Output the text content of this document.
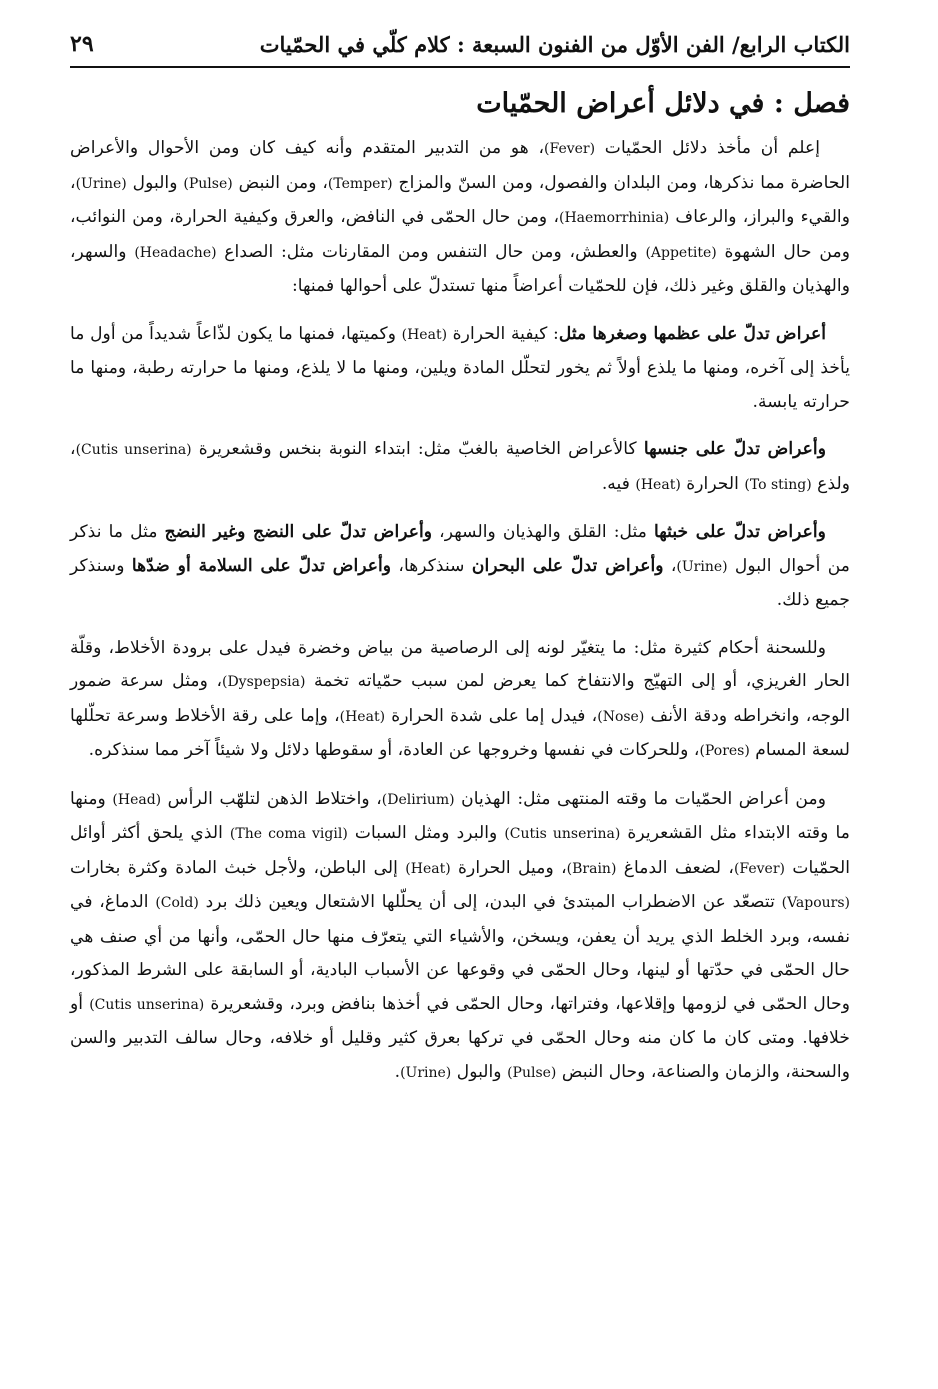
الكتاب الرابع/ الفن الأوّل من الفنون السبعة : كلام كلّي في الحمّيات
٢٩
فصل : في دلائل أعراض الحمّيات

إعلم أن مأخذ دلائل الحمّيات (Fever)، هو من التدبير المتقدم وأنه كيف كان ومن الأحوال والأعراض الحاضرة مما نذكرها، ومن البلدان والفصول، ومن السنّ والمزاج (Temper)، ومن النبض (Pulse) والبول (Urine)، والقيء والبراز، والرعاف (Haemorrhinia)، ومن حال الحمّى في النافض، والعرق وكيفية الحرارة، ومن النوائب، ومن حال الشهوة (Appetite) والعطش، ومن حال التنفس ومن المقارنات مثل: الصداع (Headache) والسهر، والهذيان والقلق وغير ذلك، فإن للحمّيات أعراضاً منها تستدلّ على أحوالها فمنها:

أعراض تدلّ على عظمها وصغرها مثل: كيفية الحرارة (Heat) وكميتها، فمنها ما يكون لذّاعاً شديداً من أول ما يأخذ إلى آخره، ومنها ما يلذع أولاً ثم يخور لتحلّل المادة ويلين، ومنها ما لا يلذع، ومنها ما حرارته رطبة، ومنها ما حرارته يابسة.

وأعراض تدلّ على جنسها كالأعراض الخاصية بالغبّ مثل: ابتداء النوبة بنخس وقشعريرة (Cutis unserina)، ولذع (To sting) الحرارة (Heat) فيه.

وأعراض تدلّ على خبثها مثل: القلق والهذيان والسهر، وأعراض تدلّ على النضج وغير النضج مثل ما نذكر من أحوال البول (Urine)، وأعراض تدلّ على البحران سنذكرها، وأعراض تدلّ على السلامة أو ضدّها وسنذكر جميع ذلك.

وللسحنة أحكام كثيرة مثل: ما يتغيّر لونه إلى الرصاصية من بياض وخضرة فيدل على برودة الأخلاط، وقلّة الحار الغريزي، أو إلى التهيّج والانتفاخ كما يعرض لمن سبب حمّياته تخمة (Dyspepsia)، ومثل سرعة ضمور الوجه، وانخراطه ودقة الأنف (Nose)، فيدل إما على شدة الحرارة (Heat)، وإما على رقة الأخلاط وسرعة تحلّلها لسعة المسام (Pores)، وللحركات في نفسها وخروجها عن العادة، أو سقوطها دلائل ولا شيئاً آخر مما سنذكره.

ومن أعراض الحمّيات ما وقته المنتهى مثل: الهذيان (Delirium)، واختلاط الذهن لتلهّب الرأس (Head) ومنها ما وقته الابتداء مثل القشعريرة (Cutis unserina) والبرد ومثل السبات (The coma vigil) الذي يلحق أكثر أوائل الحمّيات (Fever)، لضعف الدماغ (Brain)، وميل الحرارة (Heat) إلى الباطن، ولأجل خبث المادة وكثرة بخارات (Vapours) تتصعّد عن الاضطراب المبتدئ في البدن، إلى أن يحلّلها الاشتعال ويعين ذلك برد (Cold) الدماغ، في نفسه، وبرد الخلط الذي يريد أن يعفن، ويسخن، والأشياء التي يتعرّف منها حال الحمّى، وأنها من أي صنف هي حال الحمّى في حدّتها أو لينها، وحال الحمّى في وقوعها عن الأسباب البادية، أو السابقة على الشرط المذكور، وحال الحمّى في لزومها وإقلاعها، وفتراتها، وحال الحمّى في أخذها بنافض وبرد، وقشعريرة (Cutis unserina) أو خلافها. ومتى كان ما كان منه وحال الحمّى في تركها بعرق كثير وقليل أو خلافه، وحال سالف التدبير والسن والسحنة، والزمان والصناعة، وحال النبض (Pulse) والبول (Urine).
